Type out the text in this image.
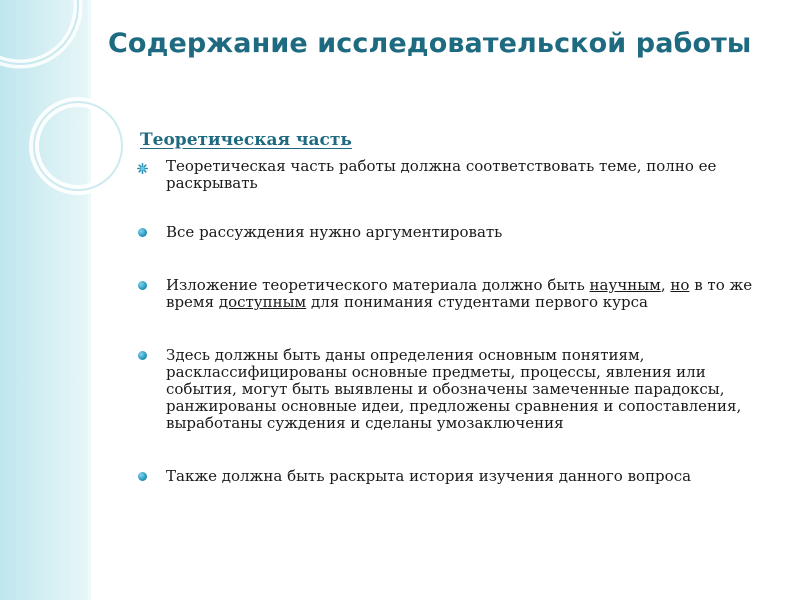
Содержание исследовательской работы
Теоретическая часть
Теоретическая часть работы должна соответствовать теме, полно ее раскрывать
Все рассуждения нужно аргументировать
Изложение теоретического материала должно быть научным, но в то же время доступным для понимания студентами первого курса
Здесь должны быть даны определения основным понятиям, расклассифицированы основные предметы, процессы, явления или события, могут быть выявлены и обозначены замеченные парадоксы, ранжированы основные идеи, предложены сравнения и сопоставления, выработаны суждения и сделаны умозаключения
Также должна быть раскрыта история изучения данного вопроса
